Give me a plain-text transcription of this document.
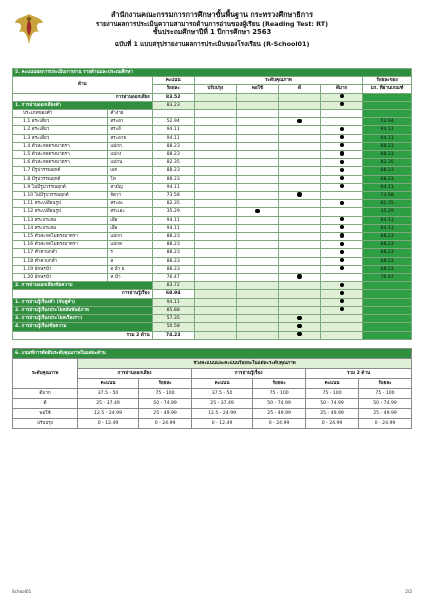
สำนักงานคณะกรรมการการศึกษาขั้นพื้นฐาน กระทรวงศึกษาธิการ
รายงานผลการประเมินความสามารถด้านการอ่านของผู้เรียน (Reading Test: RT)
ชั้นประถมศึกษาปีที่ 1 ปีการศึกษา 2563
ฉบับที่ 1 แบบสรุปรายงานผลการประเมินของโรงเรียน (R-School01)
5. คะแนนผลการประเมินการอ่าน รายด้านและประถมศึกษา							
ด้าน		คะแนน	ระดับคุณภาพ				ร้อยละของ
		ร้อยละ	ปรับปรุง	พอใช้	ดี	ดีมาก	นร. ที่ผ่านเกณฑ์
การอ่านออกเสียง		83.52					
1. การอ่านออกเสียงคำ		83.23					
ประเภทของคำ	คำง่าย						
1.1 สระเดี่ยว	สระอา	52.94					52.94
1.2 สระเดี่ยว	สระอี	94.11					94.11
1.3 สระเดี่ยว	สระอาย	94.11					94.11
1.4 ตัวสะกดตรงมาตรา	แม่กก	88.23					88.23
1.5 ตัวสะกดตรงมาตรา	แม่กง	88.23					88.23
1.6 ตัวสะกดตรงมาตรา	แม่กน	82.35					82.35
1.7 มีรูปวรรณยุกต์	เอก	88.23					88.23
1.8 มีรูปวรรณยุกต์	โท	88.23					88.23
1.9 ไม่มีรูปวรรณยุกต์	สามัญ	94.11					94.11
1.10 ไม่มีรูปวรรณยุกต์	จัตวา	73.58					73.58
1.11 สระเปลี่ยนรูป	สระอะ	82.35					82.35
1.12 สระเปลี่ยนรูป	สระเอะ	35.29					35.29
1.13 สระประสม	เอีย	94.11					94.11
1.14 สระประสม	เอือ	94.11					94.11
1.15 ตัวสะกดไม่ตรงมาตรา	แม่กก	88.23					88.23
1.16 ตัวสะกดไม่ตรงมาตรา	แม่กด	88.23					88.23
1.17 คำควบกล้ำ	ร	88.23					88.23
1.18 คำควบกล้ำ	ล	88.23					88.23
1.19 อักษรนำ	อ นำ ย	88.23					88.23
1.20 อักษรนำ	ห นำ	76.47					76.47
2. การอ่านออกเสียงข้อความ		83.72					
การอ่านรู้เรื่อง		68.94					
1. การอ่านรู้เรื่องคำ (จับคู่คำ)		94.11					
2. การอ่านรู้เรื่องประโยคสัมพันธ์ภาพ		85.88					
3. การอ่านรู้เรื่องประโยคเรื่องราว		57.35					
4. การอ่านรู้เรื่องข้อความ		50.58					
รวม 2 ด้าน		74.23					
6. เกณฑ์การตัดสินระดับคุณภาพในแต่ละด้าน						
ระดับคุณภาพ	ช่วงคะแนนและคะแนนร้อยละในแต่ละระดับคุณภาพ					
	การอ่านออกเสียง		การอ่านรู้เรื่อง		รวม 2 ด้าน	
	คะแนน	ร้อยละ	คะแนน	ร้อยละ	คะแนน	ร้อยละ
ดีมาก	37.5 - 50	75 - 100	37.5 - 50	75 - 100	75 - 100	75 - 100
ดี	25 - 37.49	50 - 74.99	25 - 37.49	50 - 74.99	50 - 74.99	50 - 74.99
พอใช้	12.5 - 24.99	25 - 49.99	12.5 - 24.99	25 - 49.99	25 - 49.99	25 - 49.99
ปรับปรุง	0 - 12.49	0 - 24.99	0 - 12.49	0 - 24.99	0 - 24.99	0 - 24.99
School01	2/2
